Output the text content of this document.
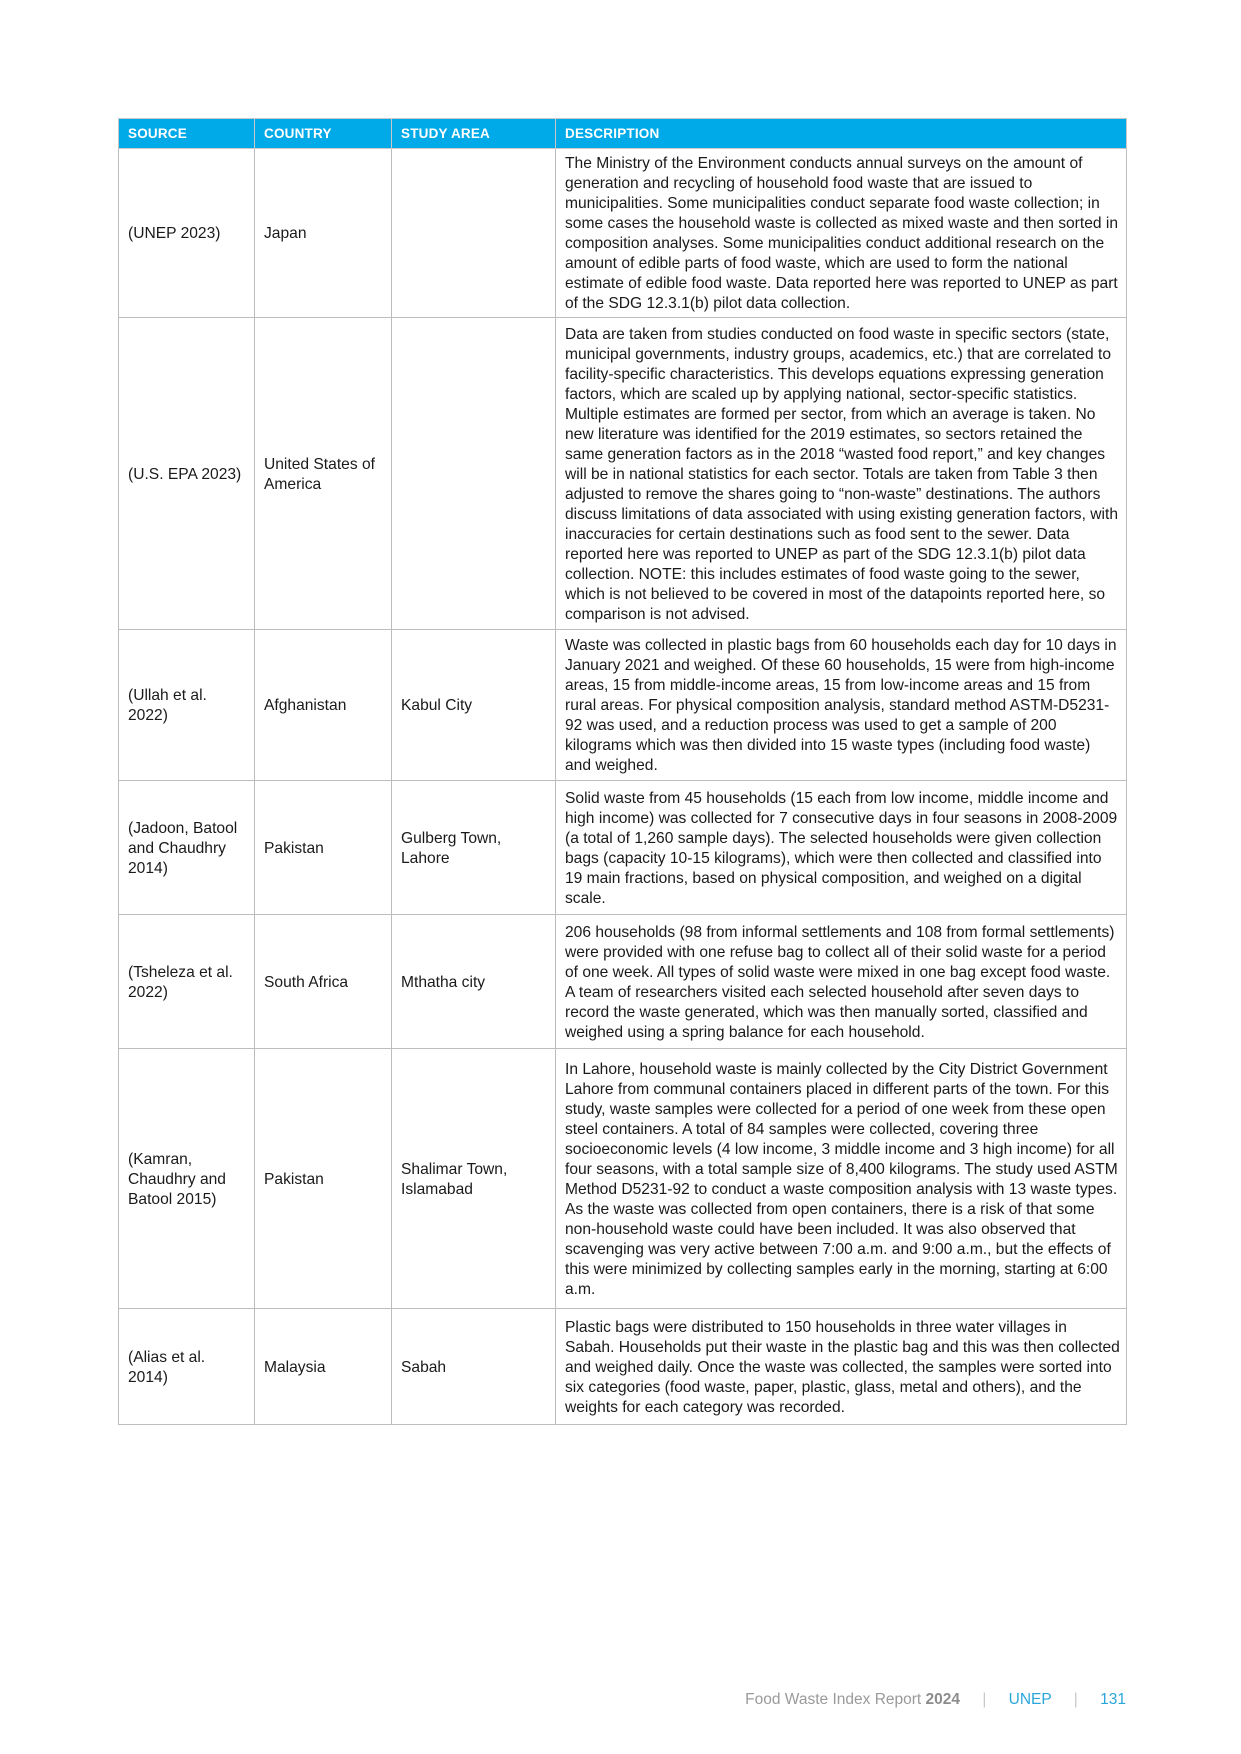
SOURCE	COUNTRY	STUDY AREA	DESCRIPTION
(UNEP 2023)	Japan		The Ministry of the Environment conducts annual surveys on the amount of generation and recycling of household food waste that are issued to municipalities. Some municipalities conduct separate food waste collection; in some cases the household waste is collected as mixed waste and then sorted in composition analyses. Some municipalities conduct additional research on the amount of edible parts of food waste, which are used to form the national estimate of edible food waste. Data reported here was reported to UNEP as part of the SDG 12.3.1(b) pilot data collection.
(U.S. EPA 2023)	United States of America		Data are taken from studies conducted on food waste in specific sectors (state, municipal governments, industry groups, academics, etc.) that are correlated to facility-specific characteristics. This develops equations expressing generation factors, which are scaled up by applying national, sector-specific statistics. Multiple estimates are formed per sector, from which an average is taken. No new literature was identified for the 2019 estimates, so sectors retained the same generation factors as in the 2018 “wasted food report,” and key changes will be in national statistics for each sector. Totals are taken from Table 3 then adjusted to remove the shares going to “non-waste” destinations. The authors discuss limitations of data associated with using existing generation factors, with inaccuracies for certain destinations such as food sent to the sewer. Data reported here was reported to UNEP as part of the SDG 12.3.1(b) pilot data collection. NOTE: this includes estimates of food waste going to the sewer, which is not believed to be covered in most of the datapoints reported here, so comparison is not advised.
(Ullah et al. 2022)	Afghanistan	Kabul City	Waste was collected in plastic bags from 60 households each day for 10 days in January 2021 and weighed. Of these 60 households, 15 were from high-income areas, 15 from middle-income areas, 15 from low-income areas and 15 from rural areas. For physical composition analysis, standard method ASTM-D5231-92 was used, and a reduction process was used to get a sample of 200 kilograms which was then divided into 15 waste types (including food waste) and weighed.
(Jadoon, Batool and Chaudhry 2014)	Pakistan	Gulberg Town, Lahore	Solid waste from 45 households (15 each from low income, middle income and high income) was collected for 7 consecutive days in four seasons in 2008-2009 (a total of 1,260 sample days). The selected households were given collection bags (capacity 10-15 kilograms), which were then collected and classified into 19 main fractions, based on physical composition, and weighed on a digital scale.
(Tsheleza et al. 2022)	South Africa	Mthatha city	206 households (98 from informal settlements and 108 from formal settlements) were provided with one refuse bag to collect all of their solid waste for a period of one week. All types of solid waste were mixed in one bag except food waste. A team of researchers visited each selected household after seven days to record the waste generated, which was then manually sorted, classified and weighed using a spring balance for each household.
(Kamran, Chaudhry and Batool 2015)	Pakistan	Shalimar Town, Islamabad	In Lahore, household waste is mainly collected by the City District Government Lahore from communal containers placed in different parts of the town. For this study, waste samples were collected for a period of one week from these open steel containers. A total of 84 samples were collected, covering three socioeconomic levels (4 low income, 3 middle income and 3 high income) for all four seasons, with a total sample size of 8,400 kilograms. The study used ASTM Method D5231-92 to conduct a waste composition analysis with 13 waste types. As the waste was collected from open containers, there is a risk of that some non-household waste could have been included. It was also observed that scavenging was very active between 7:00 a.m. and 9:00 a.m., but the effects of this were minimized by collecting samples early in the morning, starting at 6:00 a.m.
(Alias et al. 2014)	Malaysia	Sabah	Plastic bags were distributed to 150 households in three water villages in Sabah. Households put their waste in the plastic bag and this was then collected and weighed daily. Once the waste was collected, the samples were sorted into six categories (food waste, paper, plastic, glass, metal and others), and the weights for each category was recorded.
Food Waste Index Report 2024 | UNEP | 131
